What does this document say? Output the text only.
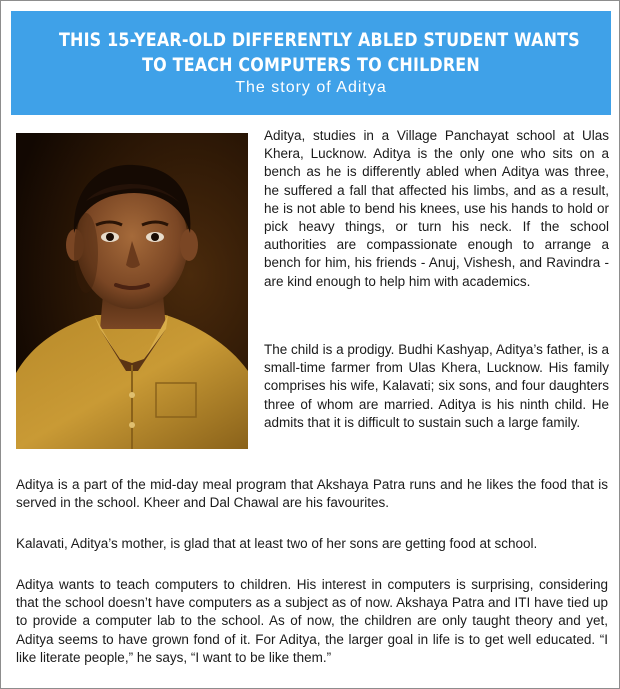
THIS 15-YEAR-OLD DIFFERENTLY ABLED STUDENT WANTS
TO TEACH COMPUTERS TO CHILDREN
The story of Aditya

Aditya, studies in a Village Panchayat school at Ulas Khera, Lucknow. Aditya is the only one who sits on a bench as he is differently abled when Aditya was three, he suffered a fall that affected his limbs, and as a result, he is not able to bend his knees, use his hands to hold or pick heavy things, or turn his neck. If the school authorities are compassionate enough to arrange a bench for him, his friends - Anuj, Vishesh, and Ravindra - are kind enough to help him with academics.

The child is a prodigy. Budhi Kashyap, Aditya’s father, is a small-time farmer from Ulas Khera, Lucknow. His family comprises his wife, Kalavati; six sons, and four daughters three of whom are married. Aditya is his ninth child. He admits that it is difficult to sustain such a large family.

Aditya is a part of the mid-day meal program that Akshaya Patra runs and he likes the food that is served in the school. Kheer and Dal Chawal are his favourites.

Kalavati, Aditya’s mother, is glad that at least two of her sons are getting food at school.

Aditya wants to teach computers to children. His interest in computers is surprising, considering that the school doesn’t have computers as a subject as of now. Akshaya Patra and ITI have tied up to provide a computer lab to the school. As of now, the children are only taught theory and yet, Aditya seems to have grown fond of it. For Aditya, the larger goal in life is to get well educated. “I like literate people,” he says, “I want to be like them.”
